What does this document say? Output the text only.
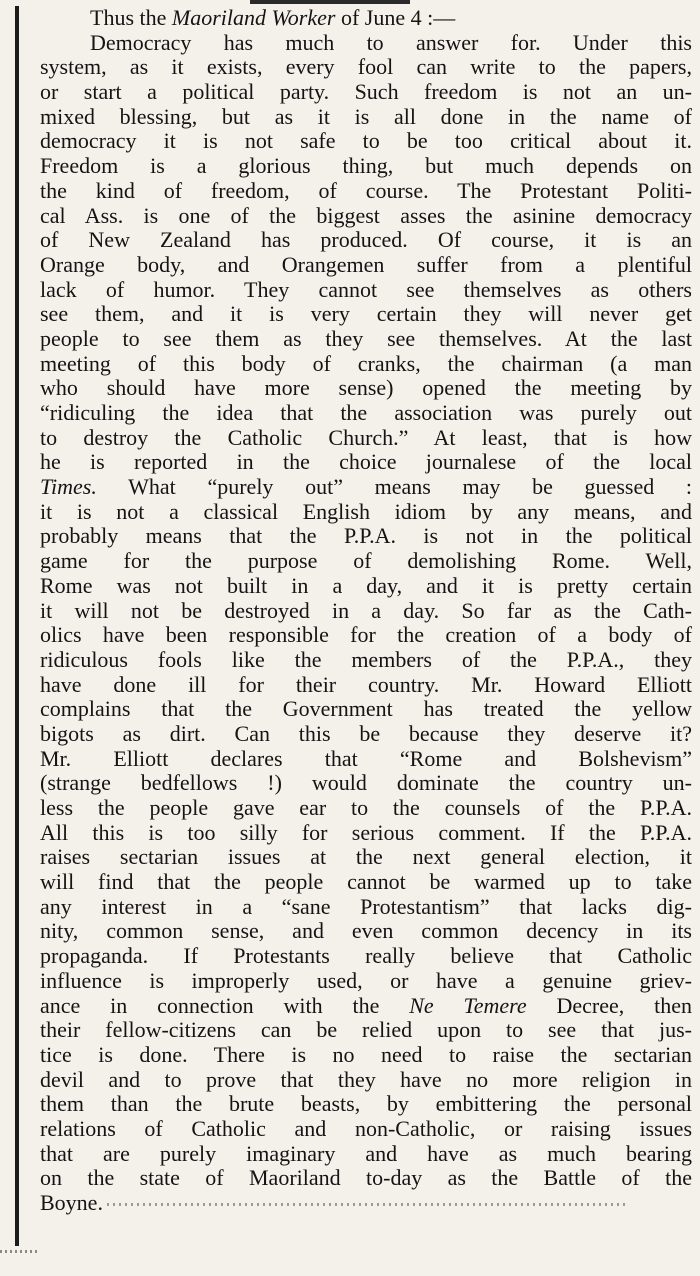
Thus the Maoriland Worker of June 4 :—
Democracy has much to answer for. Under this
system, as it exists, every fool can write to the papers,
or start a political party. Such freedom is not an un-
mixed blessing, but as it is all done in the name of
democracy it is not safe to be too critical about it.
Freedom is a glorious thing, but much depends on
the kind of freedom, of course. The Protestant Politi-
cal Ass. is one of the biggest asses the asinine democracy
of New Zealand has produced. Of course, it is an
Orange body, and Orangemen suffer from a plentiful
lack of humor. They cannot see themselves as others
see them, and it is very certain they will never get
people to see them as they see themselves. At the last
meeting of this body of cranks, the chairman (a man
who should have more sense) opened the meeting by
“ridiculing the idea that the association was purely out
to destroy the Catholic Church.” At least, that is how
he is reported in the choice journalese of the local
Times. What “purely out” means may be guessed :
it is not a classical English idiom by any means, and
probably means that the P.P.A. is not in the political
game for the purpose of demolishing Rome. Well,
Rome was not built in a day, and it is pretty certain
it will not be destroyed in a day. So far as the Cath-
olics have been responsible for the creation of a body of
ridiculous fools like the members of the P.P.A., they
have done ill for their country. Mr. Howard Elliott
complains that the Government has treated the yellow
bigots as dirt. Can this be because they deserve it?
Mr. Elliott declares that “Rome and Bolshevism”
(strange bedfellows !) would dominate the country un-
less the people gave ear to the counsels of the P.P.A.
All this is too silly for serious comment. If the P.P.A.
raises sectarian issues at the next general election, it
will find that the people cannot be warmed up to take
any interest in a “sane Protestantism” that lacks dig-
nity, common sense, and even common decency in its
propaganda. If Protestants really believe that Catholic
influence is improperly used, or have a genuine griev-
ance in connection with the Ne Temere Decree, then
their fellow-citizens can be relied upon to see that jus-
tice is done. There is no need to raise the sectarian
devil and to prove that they have no more religion in
them than the brute beasts, by embittering the personal
relations of Catholic and non-Catholic, or raising issues
that are purely imaginary and have as much bearing
on the state of Maoriland to-day as the Battle of the
Boyne.
